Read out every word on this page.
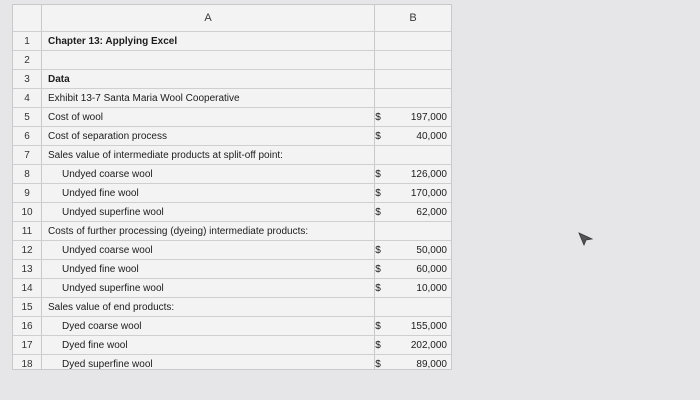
A	B
1	Chapter 13: Applying Excel
2
3	Data
4	Exhibit 13-7 Santa Maria Wool Cooperative
5	Cost of wool	$	197,000
6	Cost of separation process	$	40,000
7	Sales value of intermediate products at split-off point:
8	Undyed coarse wool	$	126,000
9	Undyed fine wool	$	170,000
10	Undyed superfine wool	$	62,000
11	Costs of further processing (dyeing) intermediate products:
12	Undyed coarse wool	$	50,000
13	Undyed fine wool	$	60,000
14	Undyed superfine wool	$	10,000
15	Sales value of end products:
16	Dyed coarse wool	$	155,000
17	Dyed fine wool	$	202,000
18	Dyed superfine wool	$	89,000
